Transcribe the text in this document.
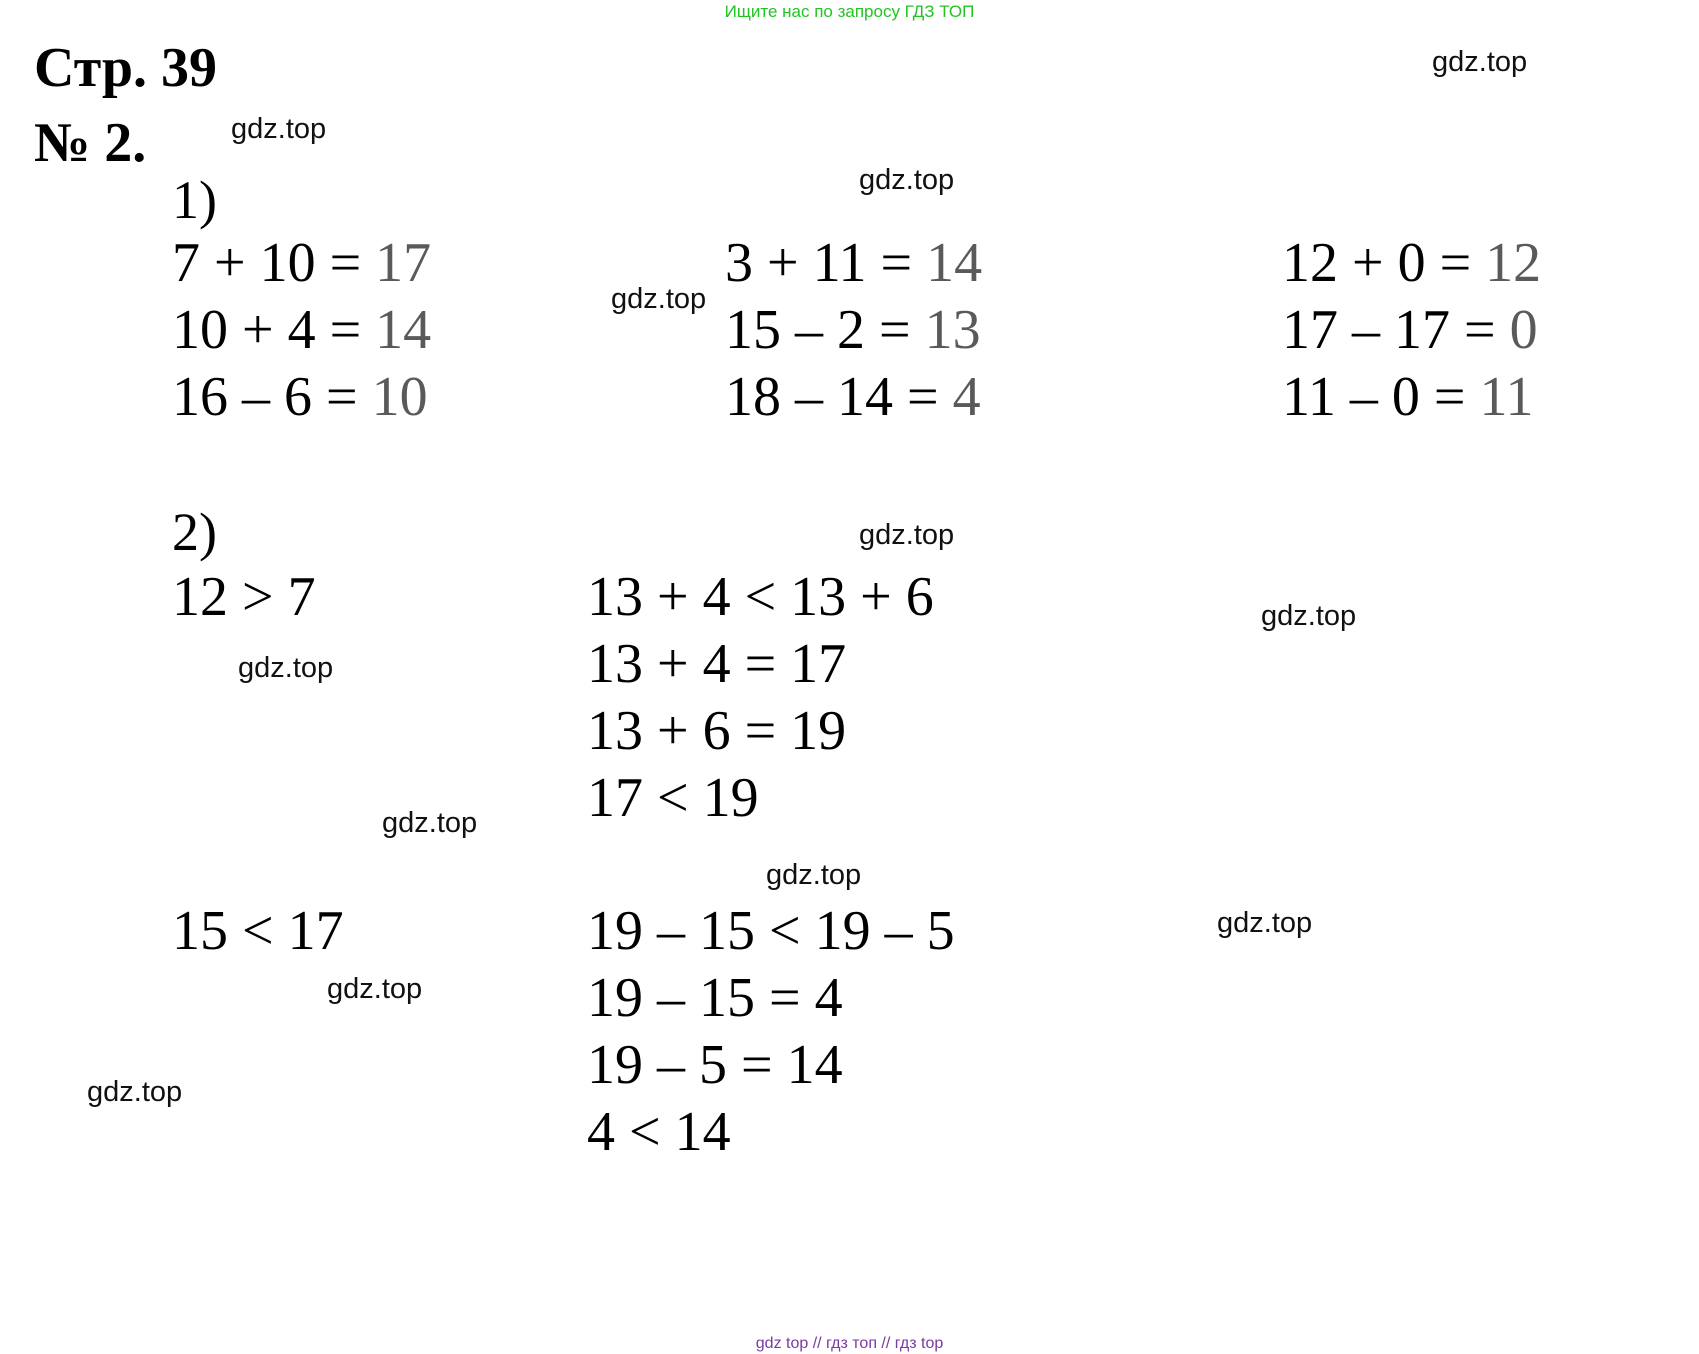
Ищите нас по запросу ГДЗ ТОП
Стр. 39
№ 2.
1)
7 + 10 = 17
10 + 4 = 14
16 – 6 = 10
3 + 11 = 14
15 – 2 = 13
18 – 14 = 4
12 + 0 = 12
17 – 17 = 0
11 – 0 = 11
2)
12 > 7	13 + 4 < 13 + 6
13 + 4 = 17
13 + 6 = 19
17 < 19
15 < 17	19 – 15 < 19 – 5
19 – 15 = 4
19 – 5 = 14
4 < 14
gdz.top
gdz.top
gdz.top
gdz.top
gdz.top
gdz.top
gdz.top
gdz.top
gdz.top
gdz.top
gdz.top
gdz.top
gdz top // гдз топ // гдз top
